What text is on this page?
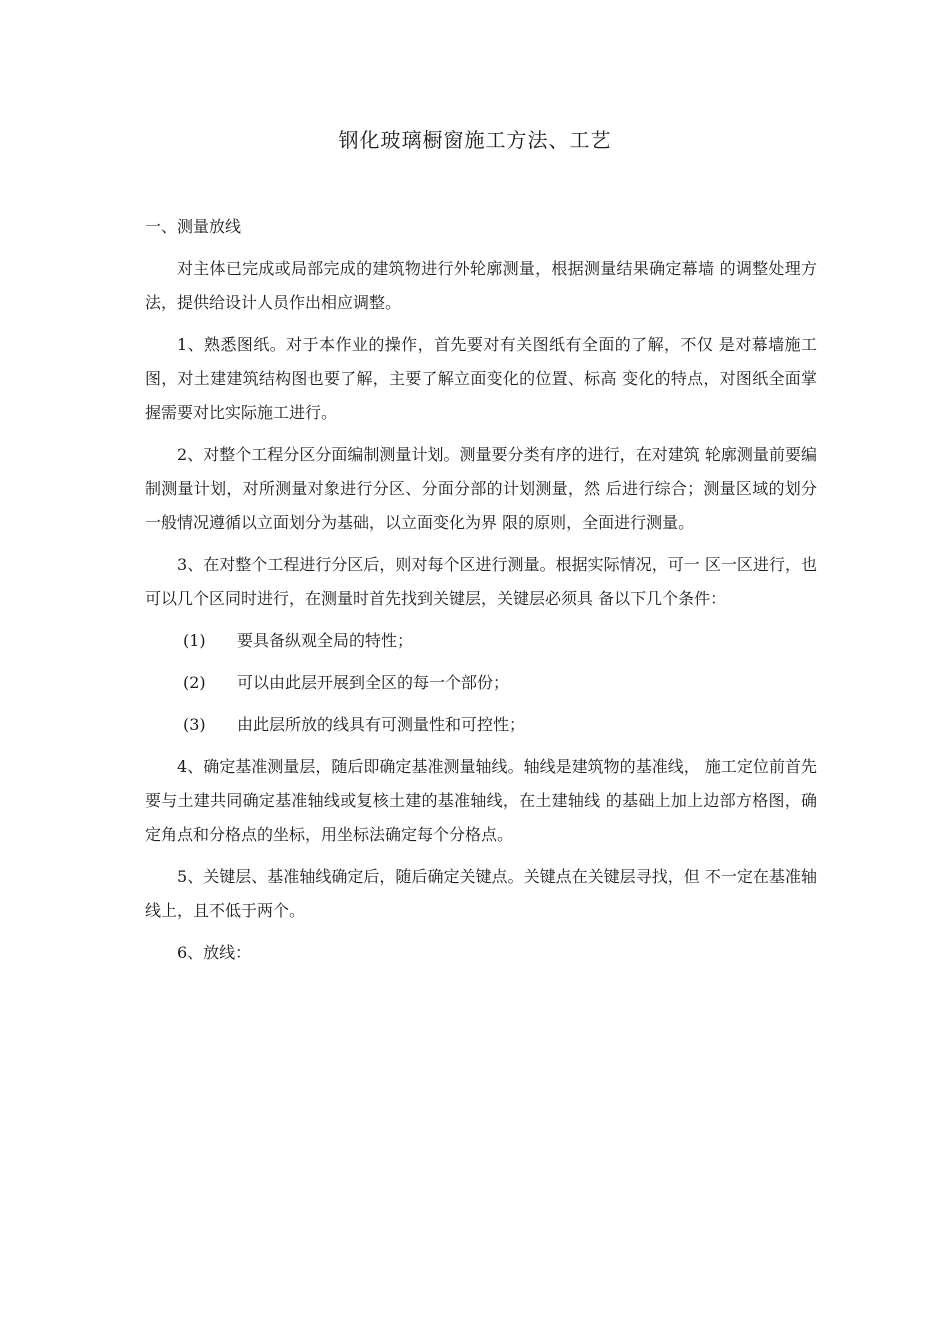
钢化玻璃橱窗施工方法、工艺

一、测量放线

对主体已完成或局部完成的建筑物进行外轮廓测量，根据测量结果确定幕墙 的调整处理方法，提供给设计人员作出相应调整。

1、熟悉图纸。对于本作业的操作，首先要对有关图纸有全面的了解，不仅 是对幕墙施工图，对土建建筑结构图也要了解，主要了解立面变化的位置、标高 变化的特点，对图纸全面掌握需要对比实际施工进行。

2、对整个工程分区分面编制测量计划。测量要分类有序的进行，在对建筑 轮廓测量前要编制测量计划，对所测量对象进行分区、分面分部的计划测量，然 后进行综合；测量区域的划分一般情况遵循以立面划分为基础，以立面变化为界 限的原则，全面进行测量。

3、在对整个工程进行分区后，则对每个区进行测量。根据实际情况，可一 区一区进行，也可以几个区同时进行，在测量时首先找到关键层，关键层必须具 备以下几个条件：

(1)	要具备纵观全局的特性；
(2)	可以由此层开展到全区的每一个部份；
(3)	由此层所放的线具有可测量性和可控性；

4、确定基准测量层，随后即确定基准测量轴线。轴线是建筑物的基准线， 施工定位前首先要与土建共同确定基准轴线或复核土建的基准轴线，在土建轴线 的基础上加上边部方格图，确定角点和分格点的坐标，用坐标法确定每个分格点。

5、关键层、基准轴线确定后，随后确定关键点。关键点在关键层寻找，但 不一定在基准轴线上，且不低于两个。

6、放线：
